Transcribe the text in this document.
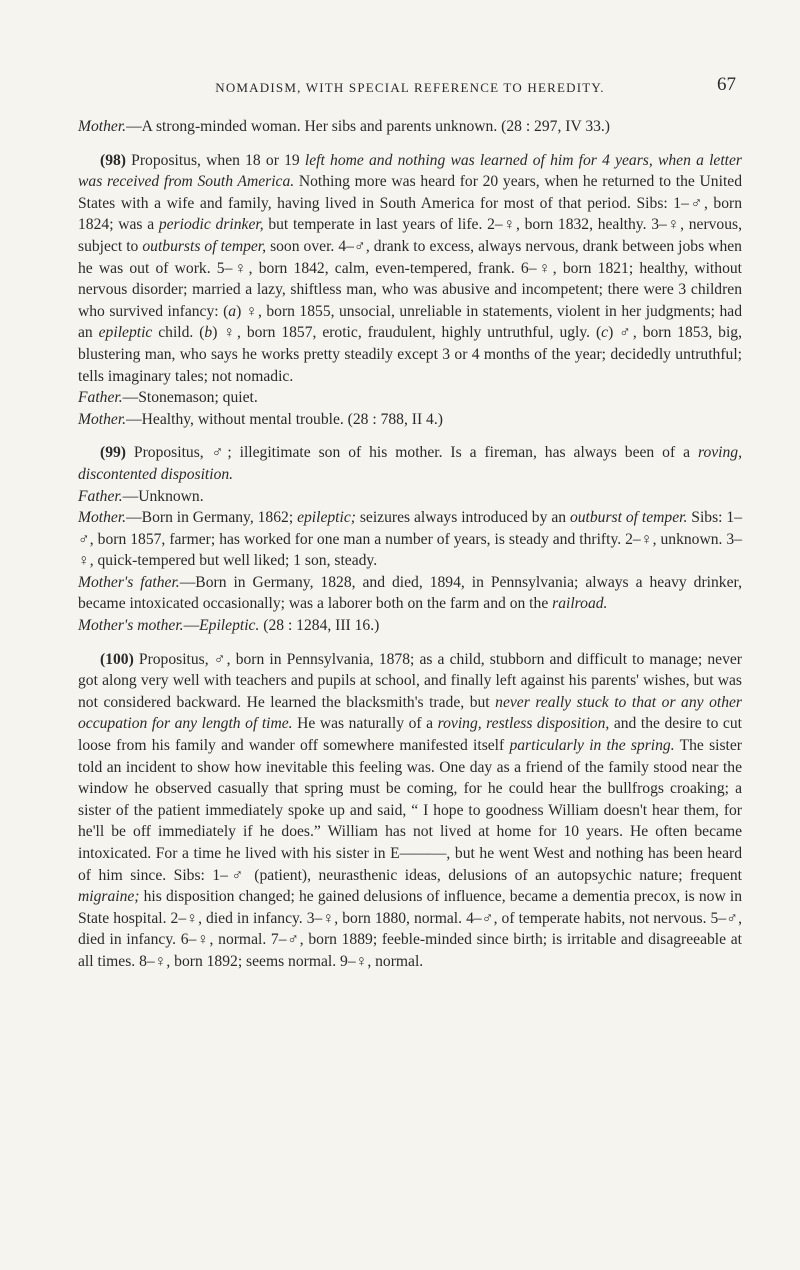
NOMADISM, WITH SPECIAL REFERENCE TO HEREDITY.	67

Mother.—A strong-minded woman. Her sibs and parents unknown. (28 : 297, IV 33.)

(98) Propositus, when 18 or 19 left home and nothing was learned of him for 4 years, when a letter was received from South America. Nothing more was heard for 20 years, when he returned to the United States with a wife and family, having lived in South America for most of that period. Sibs: 1–♂, born 1824; was a periodic drinker, but temperate in last years of life. 2–♀, born 1832, healthy. 3–♀, nervous, subject to outbursts of temper, soon over. 4–♂, drank to excess, always nervous, drank between jobs when he was out of work. 5–♀, born 1842, calm, even-tempered, frank. 6–♀, born 1821; healthy, without nervous disorder; married a lazy, shiftless man, who was abusive and incompetent; there were 3 children who survived infancy: (a) ♀, born 1855, unsocial, unreliable in statements, violent in her judgments; had an epileptic child. (b) ♀, born 1857, erotic, fraudulent, highly untruthful, ugly. (c) ♂, born 1853, big, blustering man, who says he works pretty steadily except 3 or 4 months of the year; decidedly untruthful; tells imaginary tales; not nomadic.

Father.—Stonemason; quiet.

Mother.—Healthy, without mental trouble. (28 : 788, II 4.)

(99) Propositus, ♂; illegitimate son of his mother. Is a fireman, has always been of a roving, discontented disposition.

Father.—Unknown.

Mother.—Born in Germany, 1862; epileptic; seizures always introduced by an outburst of temper. Sibs: 1–♂, born 1857, farmer; has worked for one man a number of years, is steady and thrifty. 2–♀, unknown. 3–♀, quick-tempered but well liked; 1 son, steady.

Mother's father.—Born in Germany, 1828, and died, 1894, in Pennsylvania; always a heavy drinker, became intoxicated occasionally; was a laborer both on the farm and on the railroad.

Mother's mother.—Epileptic. (28 : 1284, III 16.)

(100) Propositus, ♂, born in Pennsylvania, 1878; as a child, stubborn and difficult to manage; never got along very well with teachers and pupils at school, and finally left against his parents' wishes, but was not considered backward. He learned the blacksmith's trade, but never really stuck to that or any other occupation for any length of time. He was naturally of a roving, restless disposition, and the desire to cut loose from his family and wander off somewhere manifested itself particularly in the spring. The sister told an incident to show how inevitable this feeling was. One day as a friend of the family stood near the window he observed casually that spring must be coming, for he could hear the bullfrogs croaking; a sister of the patient immediately spoke up and said, “ I hope to goodness William doesn't hear them, for he'll be off immediately if he does.” William has not lived at home for 10 years. He often became intoxicated. For a time he lived with his sister in E———, but he went West and nothing has been heard of him since. Sibs: 1–♂ (patient), neurasthenic ideas, delusions of an autopsychic nature; frequent migraine; his disposition changed; he gained delusions of influence, became a dementia precox, is now in State hospital. 2–♀, died in infancy. 3–♀, born 1880, normal. 4–♂, of temperate habits, not nervous. 5–♂, died in infancy. 6–♀, normal. 7–♂, born 1889; feeble-minded since birth; is irritable and disagreeable at all times. 8–♀, born 1892; seems normal. 9–♀, normal.
